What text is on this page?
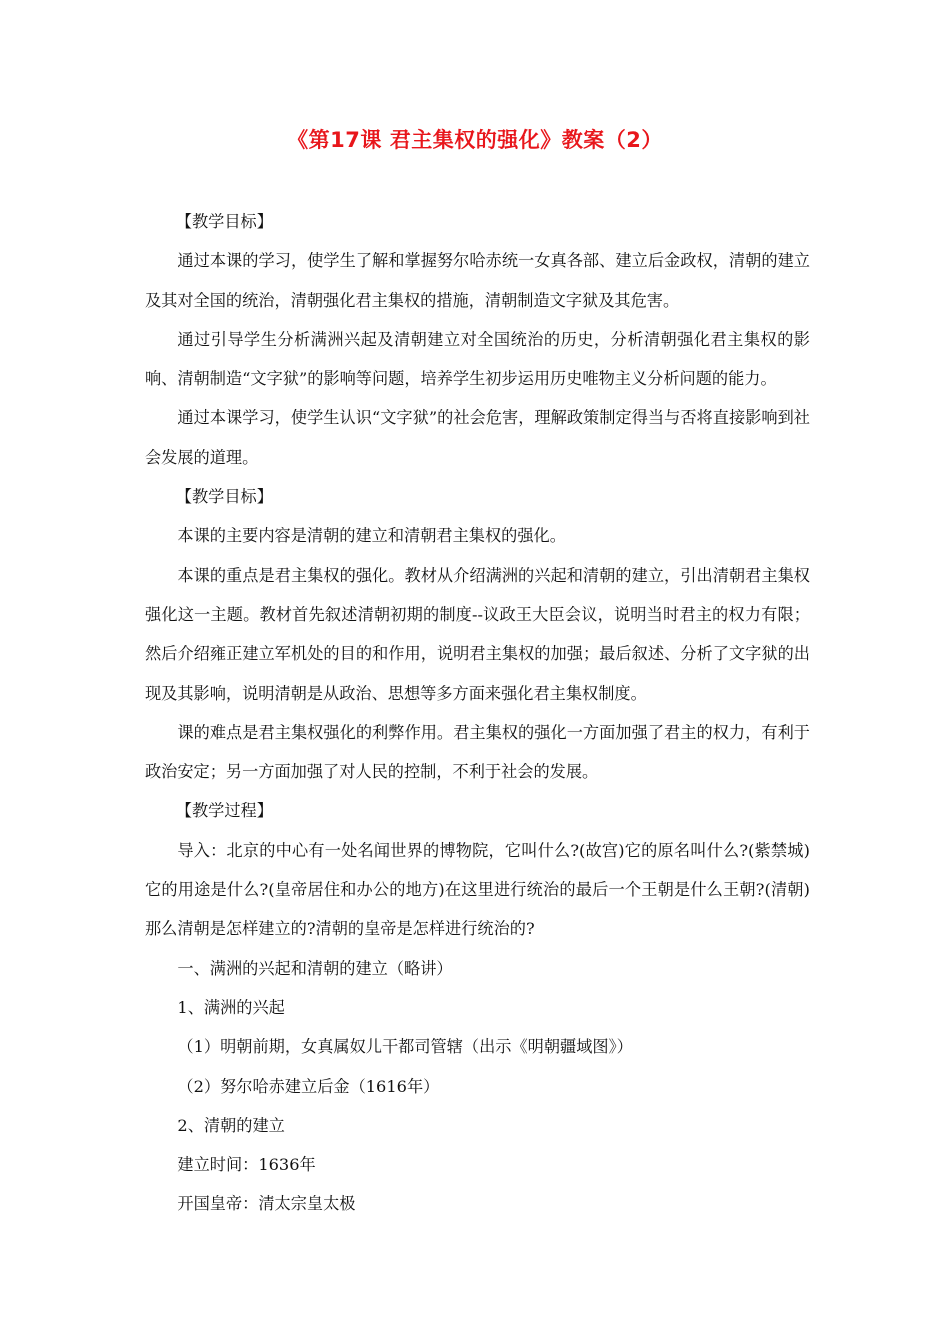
《第17课 君主集权的强化》教案（2）

【教学目标】

通过本课的学习，使学生了解和掌握努尔哈赤统一女真各部、建立后金政权，清朝的建立及其对全国的统治，清朝强化君主集权的措施，清朝制造文字狱及其危害。

通过引导学生分析满洲兴起及清朝建立对全国统治的历史，分析清朝强化君主集权的影响、清朝制造“文字狱”的影响等问题，培养学生初步运用历史唯物主义分析问题的能力。

通过本课学习，使学生认识“文字狱”的社会危害，理解政策制定得当与否将直接影响到社会发展的道理。

【教学目标】

本课的主要内容是清朝的建立和清朝君主集权的强化。

本课的重点是君主集权的强化。教材从介绍满洲的兴起和清朝的建立，引出清朝君主集权强化这一主题。教材首先叙述清朝初期的制度--议政王大臣会议，说明当时君主的权力有限；然后介绍雍正建立军机处的目的和作用，说明君主集权的加强；最后叙述、分析了文字狱的出现及其影响，说明清朝是从政治、思想等多方面来强化君主集权制度。

课的难点是君主集权强化的利弊作用。君主集权的强化一方面加强了君主的权力，有利于政治安定；另一方面加强了对人民的控制，不利于社会的发展。

【教学过程】

导入：北京的中心有一处名闻世界的博物院，它叫什么?(故宫)它的原名叫什么?(紫禁城)它的用途是什么?(皇帝居住和办公的地方)在这里进行统治的最后一个王朝是什么王朝?(清朝)那么清朝是怎样建立的?清朝的皇帝是怎样进行统治的?

一、满洲的兴起和清朝的建立（略讲）

1、满洲的兴起

（1）明朝前期，女真属奴儿干都司管辖（出示《明朝疆域图》）

（2）努尔哈赤建立后金（1616年）

2、清朝的建立

建立时间：1636年

开国皇帝：清太宗皇太极
